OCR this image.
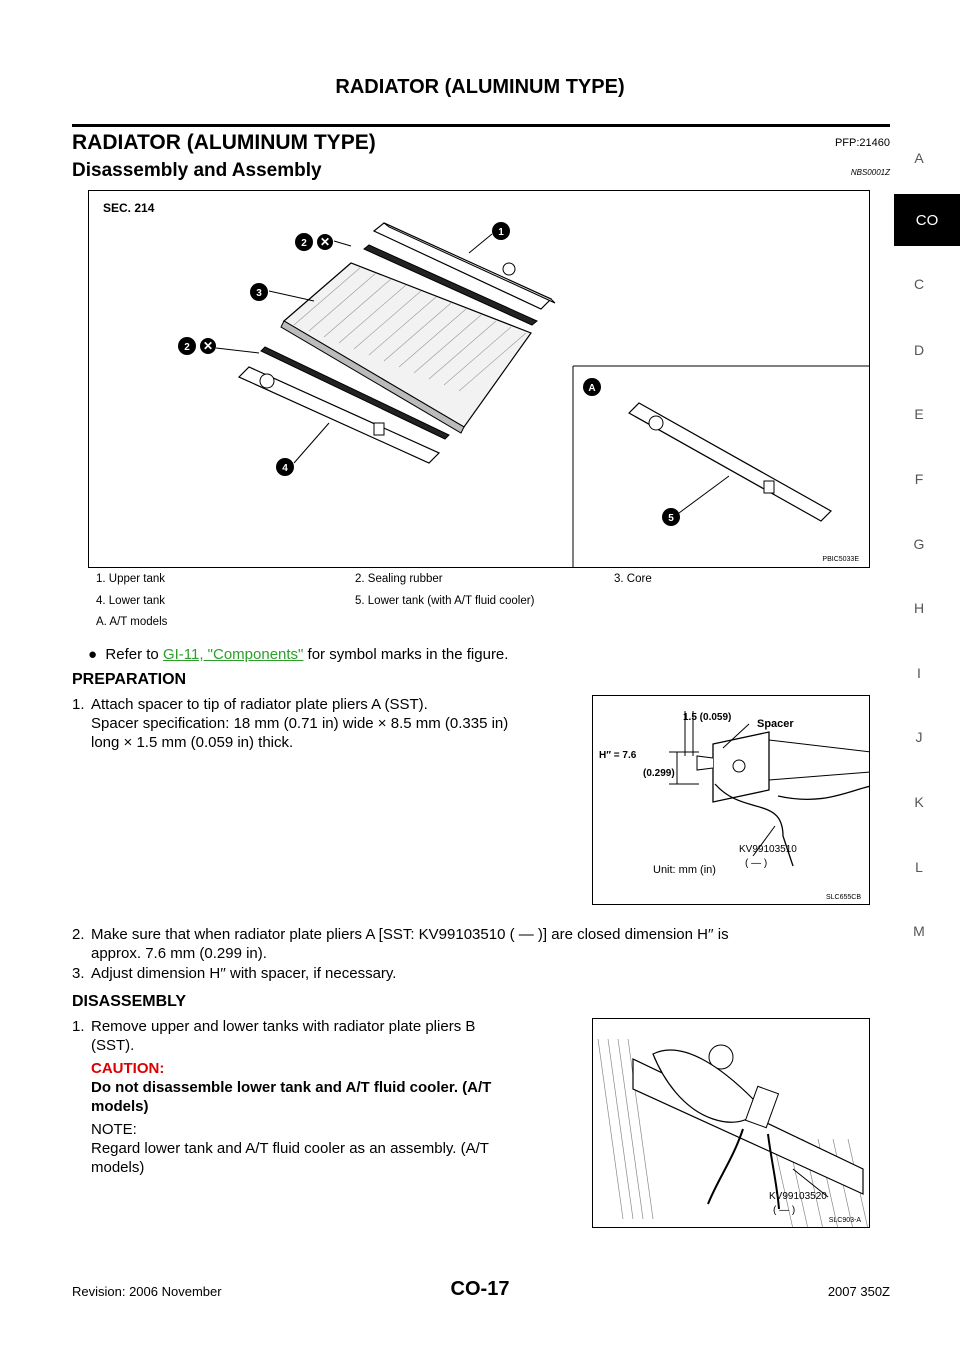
RADIATOR (ALUMINUM TYPE)
RADIATOR (ALUMINUM TYPE)	PFP:21460
Disassembly and Assembly	NBS0001Z
A
CO
C
D
E
F
G
H
I
J
K
L
M
SEC. 214
1
2 ✕
3
2 ✕
4
A
5
PBIC5033E
1. Upper tank	2. Sealing rubber	3. Core
4. Lower tank	5. Lower tank (with A/T fluid cooler)
A. A/T models
● Refer to GI-11, "Components" for symbol marks in the figure.
PREPARATION
1. Attach spacer to tip of radiator plate pliers A (SST).
Spacer specification: 18 mm (0.71 in) wide × 8.5 mm (0.335 in)
long × 1.5 mm (0.059 in) thick.
1.5 (0.059)
Spacer
H′′ = 7.6
(0.299)
KV99103510
( — )
Unit: mm (in)
SLC655CB
2. Make sure that when radiator plate pliers A [SST: KV99103510 ( — )] are closed dimension H′′ is
approx. 7.6 mm (0.299 in).
3. Adjust dimension H′′ with spacer, if necessary.
DISASSEMBLY
1. Remove upper and lower tanks with radiator plate pliers B
(SST).
CAUTION:
Do not disassemble lower tank and A/T fluid cooler. (A/T
models)
NOTE:
Regard lower tank and A/T fluid cooler as an assembly. (A/T
models)
KV99103520
( — )
SLC903-A
Revision: 2006 November	CO-17	2007 350Z
